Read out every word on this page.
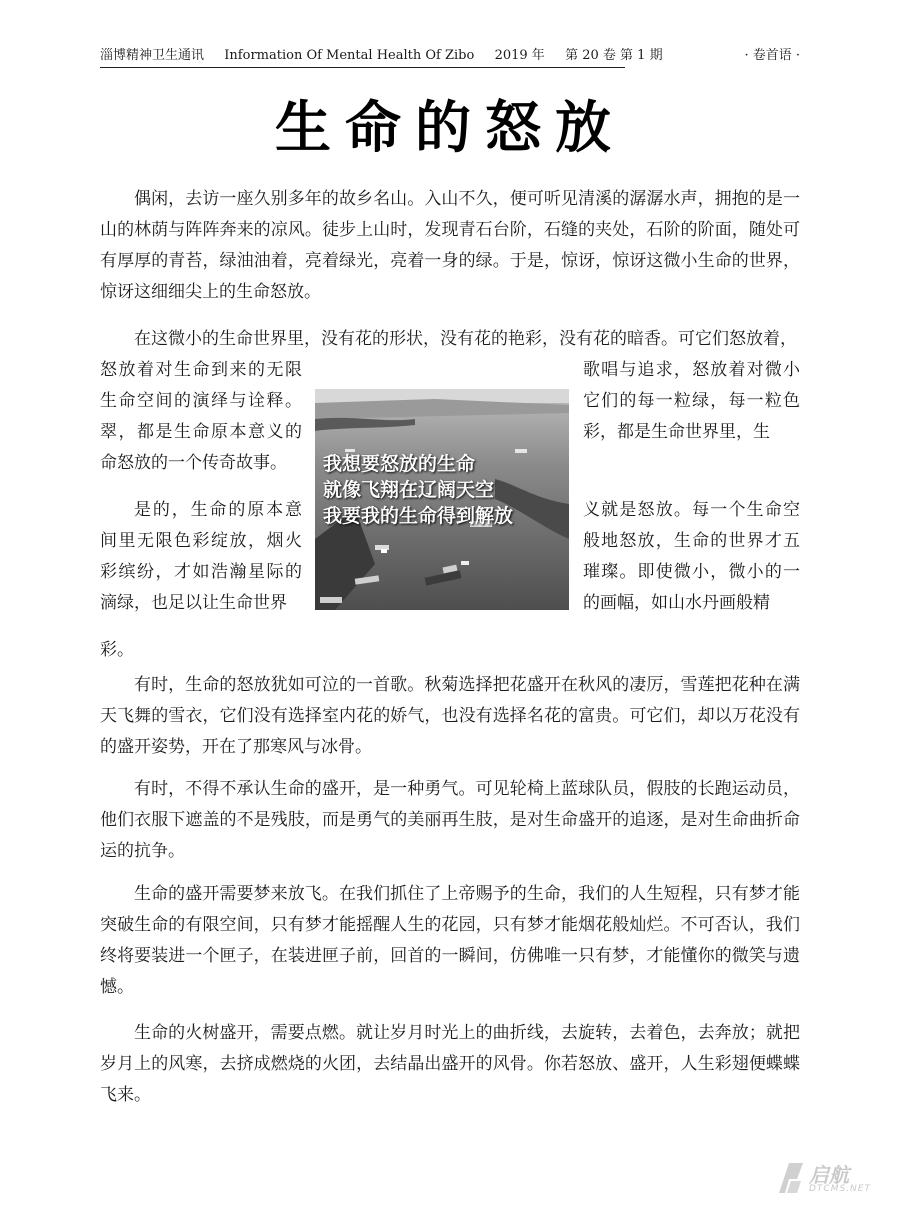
淄博精神卫生通讯 Information Of Mental Health Of Zibo 2019 年 第 20 卷 第 1 期	· 卷首语 ·
生命的怒放

偶闲，去访一座久别多年的故乡名山。入山不久，便可听见清溪的潺潺水声，拥抱的是一山的林荫与阵阵奔来的凉风。徒步上山时，发现青石台阶，石缝的夹处，石阶的阶面，随处可有厚厚的青苔，绿油油着，亮着绿光，亮着一身的绿。于是，惊讶，惊讶这微小生命的世界，惊讶这细细尖上的生命怒放。

在这微小的生命世界里，没有花的形状，没有花的艳彩，没有花的暗香。可它们怒放着，

怒放着对生命到来的无限生命空间的演绎与诠释。翠，都是生命原本意义的命怒放的一个传奇故事。

歌唱与追求，怒放着对微小它们的每一粒绿，每一粒色彩，都是生命世界里，生

是的，生命的原本意间里无限色彩绽放，烟火彩缤纷，才如浩瀚星际的滴绿，也足以让生命世界

义就是怒放。每一个生命空般地怒放，生命的世界才五璀璨。即使微小，微小的一的画幅，如山水丹画般精

彩。

我想要怒放的生命
就像飞翔在辽阔天空
我要我的生命得到解放

有时，生命的怒放犹如可泣的一首歌。秋菊选择把花盛开在秋风的凄厉，雪莲把花种在满天飞舞的雪衣，它们没有选择室内花的娇气，也没有选择名花的富贵。可它们，却以万花没有的盛开姿势，开在了那寒风与冰骨。

有时，不得不承认生命的盛开，是一种勇气。可见轮椅上蓝球队员，假肢的长跑运动员，他们衣服下遮盖的不是残肢，而是勇气的美丽再生肢，是对生命盛开的追逐，是对生命曲折命运的抗争。

生命的盛开需要梦来放飞。在我们抓住了上帝赐予的生命，我们的人生短程，只有梦才能突破生命的有限空间，只有梦才能摇醒人生的花园，只有梦才能烟花般灿烂。不可否认，我们终将要装进一个匣子，在装进匣子前，回首的一瞬间，仿佛唯一只有梦，才能懂你的微笑与遗憾。

生命的火树盛开，需要点燃。就让岁月时光上的曲折线，去旋转，去着色，去奔放；就把岁月上的风寒，去挤成燃烧的火团，去结晶出盛开的风骨。你若怒放、盛开，人生彩翅便蝶蝶飞来。

启航
DTCMS.NET
